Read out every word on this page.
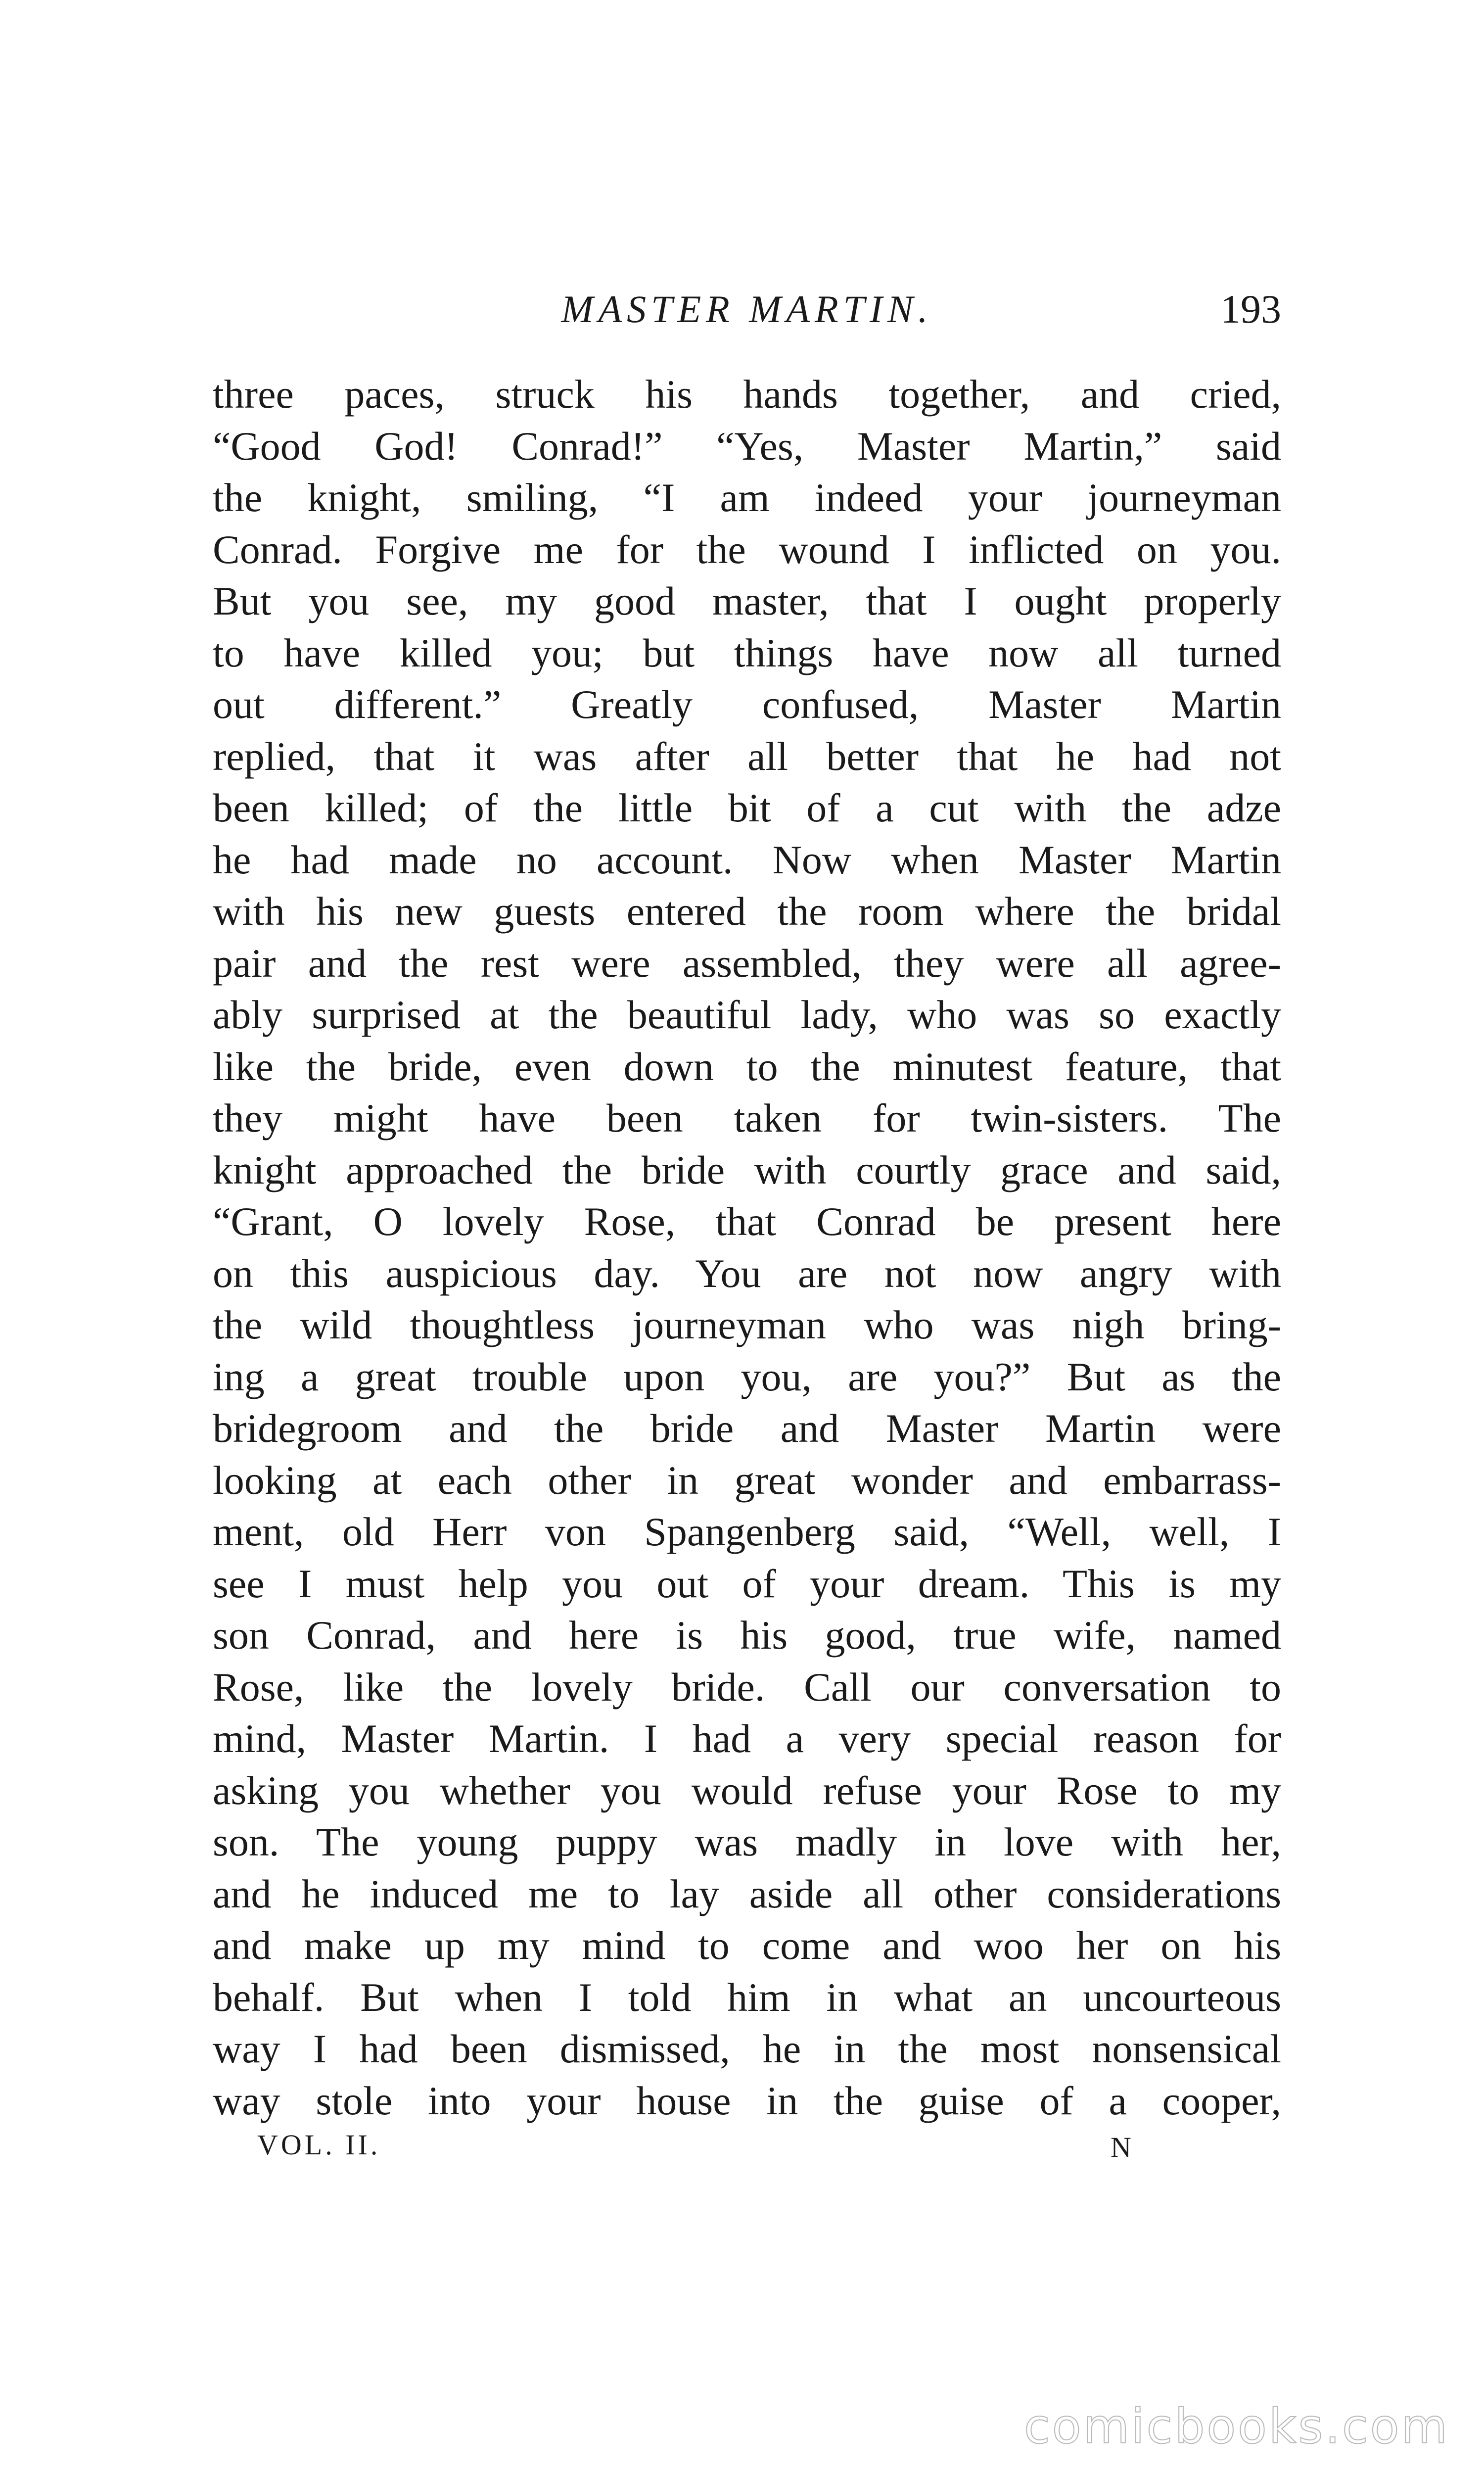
MASTER MARTIN.	193
three paces, struck his hands together, and cried,
“Good God! Conrad!” “Yes, Master Martin,” said
the knight, smiling, “I am indeed your journeyman
Conrad. Forgive me for the wound I inflicted on you.
But you see, my good master, that I ought properly
to have killed you; but things have now all turned
out different.” Greatly confused, Master Martin
replied, that it was after all better that he had not
been killed; of the little bit of a cut with the adze
he had made no account. Now when Master Martin
with his new guests entered the room where the bridal
pair and the rest were assembled, they were all agree-
ably surprised at the beautiful lady, who was so exactly
like the bride, even down to the minutest feature, that
they might have been taken for twin-sisters. The
knight approached the bride with courtly grace and said,
“Grant, O lovely Rose, that Conrad be present here
on this auspicious day. You are not now angry with
the wild thoughtless journeyman who was nigh bring-
ing a great trouble upon you, are you?” But as the
bridegroom and the bride and Master Martin were
looking at each other in great wonder and embarrass-
ment, old Herr von Spangenberg said, “Well, well, I
see I must help you out of your dream. This is my
son Conrad, and here is his good, true wife, named
Rose, like the lovely bride. Call our conversation to
mind, Master Martin. I had a very special reason for
asking you whether you would refuse your Rose to my
son. The young puppy was madly in love with her,
and he induced me to lay aside all other considerations
and make up my mind to come and woo her on his
behalf. But when I told him in what an uncourteous
way I had been dismissed, he in the most nonsensical
way stole into your house in the guise of a cooper,
VOL. II.	N
comicbooks.com
